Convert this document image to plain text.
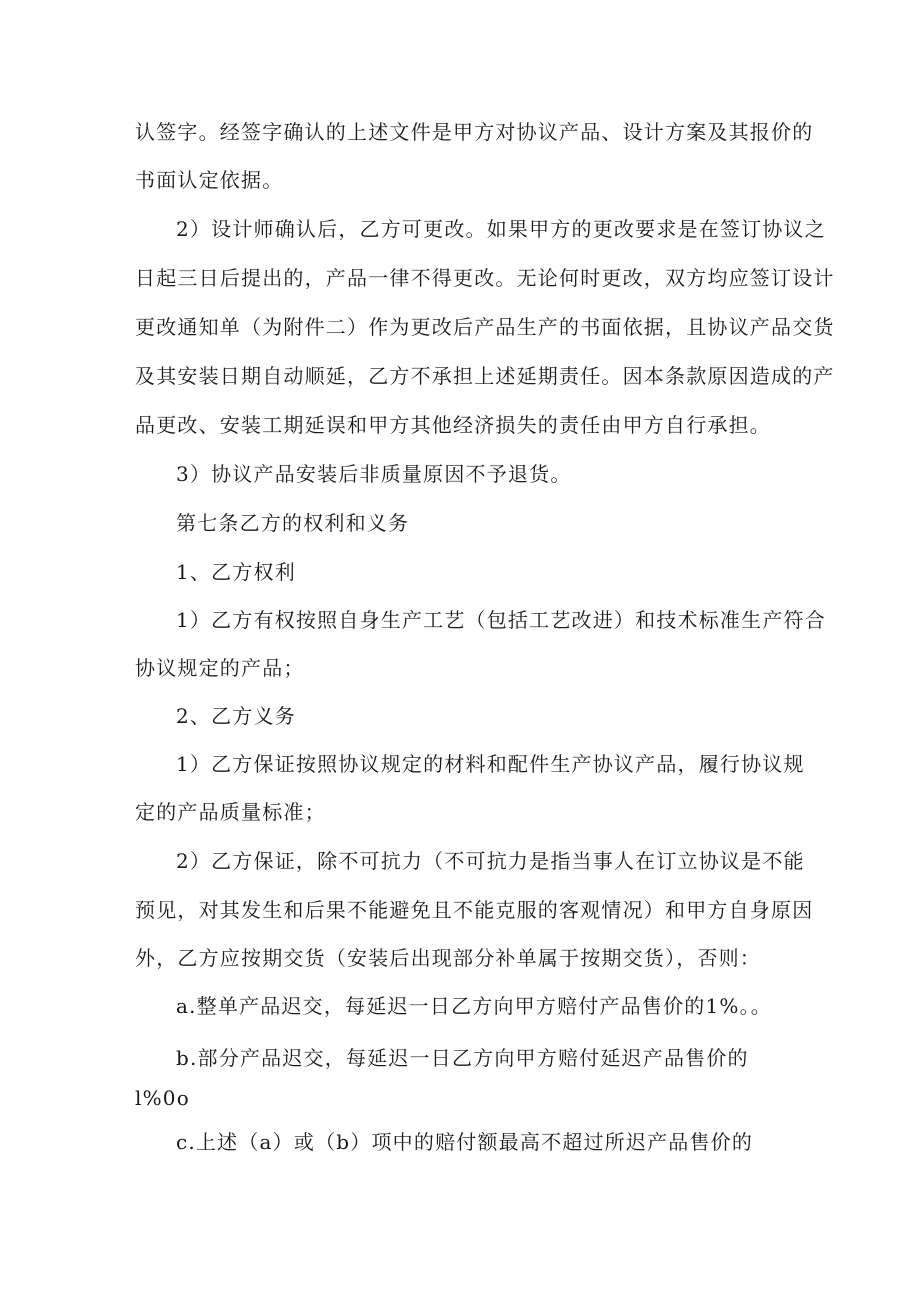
认签字。经签字确认的上述文件是甲方对协议产品、设计方案及其报价的
书面认定依据。
2）设计师确认后，乙方可更改。如果甲方的更改要求是在签订协议之
日起三日后提出的，产品一律不得更改。无论何时更改，双方均应签订设计
更改通知单（为附件二）作为更改后产品生产的书面依据，且协议产品交货
及其安装日期自动顺延，乙方不承担上述延期责任。因本条款原因造成的产
品更改、安装工期延误和甲方其他经济损失的责任由甲方自行承担。
3）协议产品安装后非质量原因不予退货。
第七条乙方的权利和义务
1、乙方权利
1）乙方有权按照自身生产工艺（包括工艺改进）和技术标准生产符合
协议规定的产品；
2、乙方义务
1）乙方保证按照协议规定的材料和配件生产协议产品，履行协议规
定的产品质量标准；
2）乙方保证，除不可抗力（不可抗力是指当事人在订立协议是不能
预见，对其发生和后果不能避免且不能克服的客观情况）和甲方自身原因
外，乙方应按期交货（安装后出现部分补单属于按期交货），否则：
a.整单产品迟交，每延迟一日乙方向甲方赔付产品售价的1%。。
b.部分产品迟交，每延迟一日乙方向甲方赔付延迟产品售价的
l%0o
c.上述（a）或（b）项中的赔付额最高不超过所迟产品售价的
